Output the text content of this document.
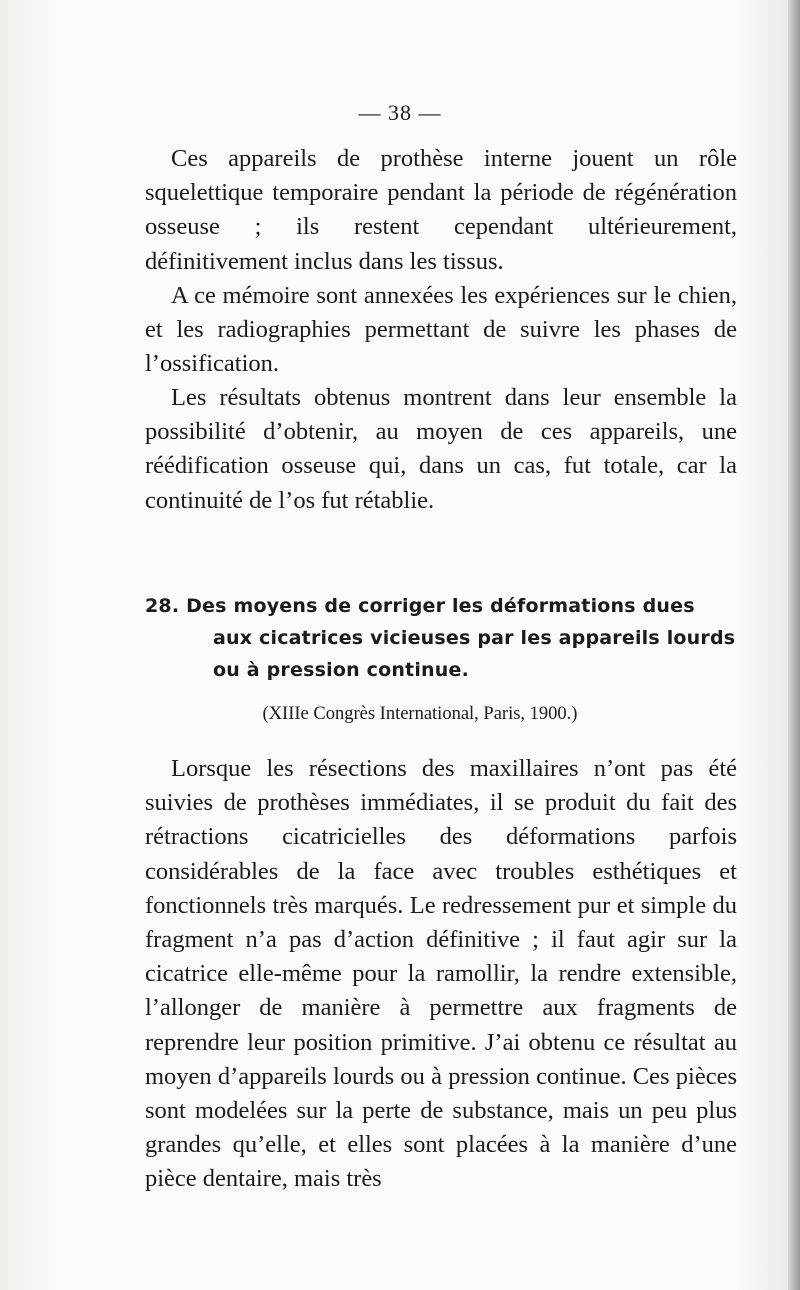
— 38 —

Ces appareils de prothèse interne jouent un rôle squelettique temporaire pendant la période de régénération osseuse ; ils restent cependant ultérieurement, définitivement inclus dans les tissus.

A ce mémoire sont annexées les expériences sur le chien, et les radiographies permettant de suivre les phases de l’ossification.

Les résultats obtenus montrent dans leur ensemble la possibilité d’obtenir, au moyen de ces appareils, une réédification osseuse qui, dans un cas, fut totale, car la continuité de l’os fut rétablie.

28. Des moyens de corriger les déformations dues aux cicatrices vicieuses par les appareils lourds ou à pression continue.
(XIIIe Congrès International, Paris, 1900.)

Lorsque les résections des maxillaires n’ont pas été suivies de prothèses immédiates, il se produit du fait des rétractions cicatricielles des déformations parfois considérables de la face avec troubles esthétiques et fonctionnels très marqués. Le redressement pur et simple du fragment n’a pas d’action définitive ; il faut agir sur la cicatrice elle-même pour la ramollir, la rendre extensible, l’allonger de manière à permettre aux fragments de reprendre leur position primitive. J’ai obtenu ce résultat au moyen d’appareils lourds ou à pression continue. Ces pièces sont modelées sur la perte de substance, mais un peu plus grandes qu’elle, et elles sont placées à la manière d’une pièce dentaire, mais très
